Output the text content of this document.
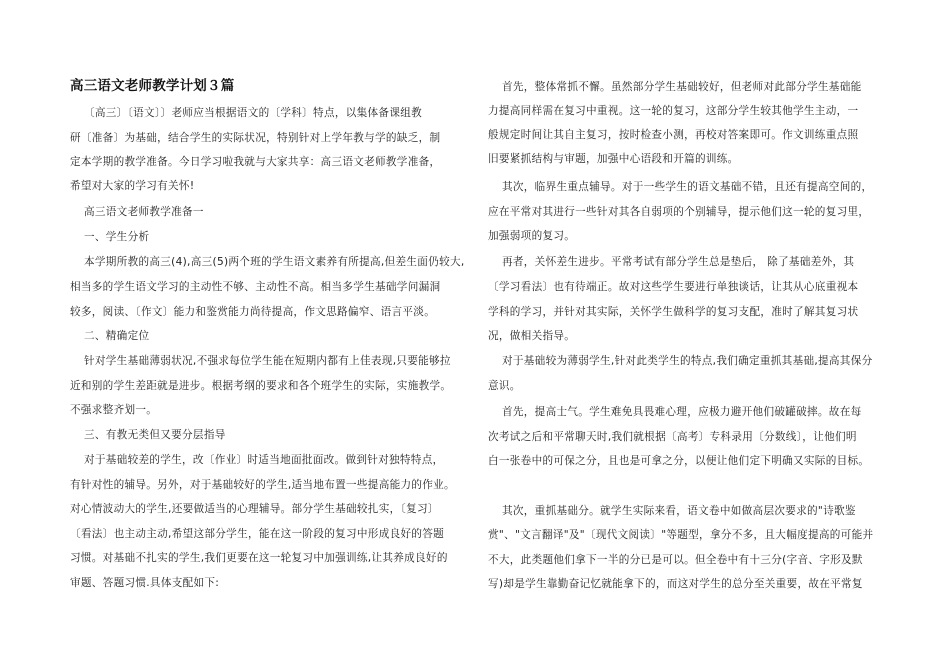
高三语文老师教学计划３篇
〔高三〕〔语文〕〕老师应当根据语文的〔学科〕特点，以集体备课组教
研〔准备〕为基础，结合学生的实际状况，特别针对上学年教与学的缺乏，制
定本学期的教学准备。今日学习啦我就与大家共享：高三语文老师教学准备，
希望对大家的学习有关怀!
高三语文老师教学准备一
一、学生分析
本学期所教的高三(4),高三(5)两个班的学生语文素养有所提高,但差生面仍较大,
相当多的学生语文学习的主动性不够、主动性不高。相当多学生基础学问漏洞
较多，阅读、〔作文〕能力和鉴赏能力尚待提高，作文思路偏窄、语言平淡。
二、精确定位
针对学生基础薄弱状况,不强求每位学生能在短期内都有上佳表现,只要能够拉
近和别的学生差距就是进步。根据考纲的要求和各个班学生的实际，实施教学。
不强求整齐划一。
三、有教无类但又要分层指导
对于基础较差的学生，改〔作业〕时适当地面批面改。做到针对独特特点，
有针对性的辅导。另外，对于基础较好的学生,适当地布置一些提高能力的作业。
对心情波动大的学生,还要做适当的心理辅导。部分学生基础较扎实，〔复习〕
〔看法〕也主动主动,希望这部分学生，能在这一阶段的复习中形成良好的答题
习惯。对基础不扎实的学生,我们更要在这一轮复习中加强训练,让其养成良好的
审题、答题习惯.具体支配如下:
首先，整体常抓不懈。虽然部分学生基础较好，但老师对此部分学生基础能
力提高同样需在复习中重视。这一轮的复习，这部分学生较其他学生主动，一
般规定时间让其自主复习，按时检查小测，再校对答案即可。作文训练重点照
旧要紧抓结构与审题，加强中心语段和开篇的训练。
其次，临界生重点辅导。对于一些学生的语文基础不错，且还有提高空间的，
应在平常对其进行一些针对其各自弱项的个别辅导，提示他们这一轮的复习里，
加强弱项的复习。
再者，关怀差生进步。平常考试有部分学生总是垫后， 除了基础差外，其
〔学习看法〕也有待端正。故对这些学生要进行单独谈话，让其从心底重视本
学科的学习，并针对其实际，关怀学生做科学的复习支配，准时了解其复习状
况，做相关指导。
对于基础较为薄弱学生,针对此类学生的特点,我们确定重抓其基础,提高其保分
意识。
首先，提高士气。学生难免具畏难心理，应极力避开他们破罐破摔。故在每
次考试之后和平常聊天时,我们就根据〔高考〕专科录用〔分数线〕，让他们明
白一张卷中的可保之分，且也是可拿之分，以便让他们定下明确又实际的目标。
其次，重抓基础分。就学生实际来看，语文卷中如做高层次要求的"诗歌鉴
赏"、"文言翻译"及"〔现代文阅读〕"等题型，拿分不多，且大幅度提高的可能并
不大，此类题他们拿下一半的分已是可以。但全卷中有十三分(字音、字形及默
写)却是学生靠勤奋记忆就能拿下的，而这对学生的总分至关重要，故在平常复
